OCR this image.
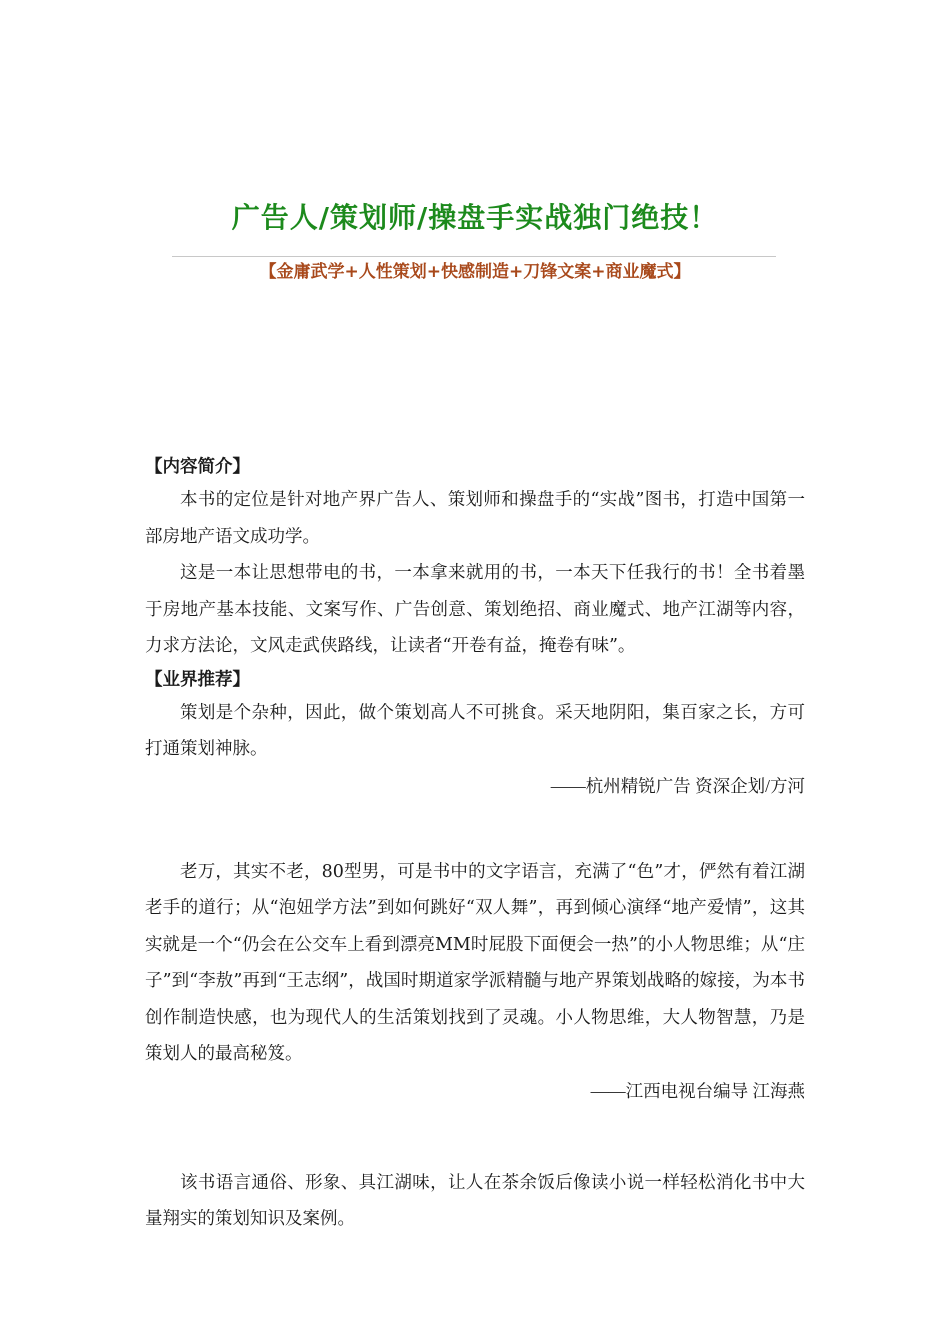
广告人/策划师/操盘手实战独门绝技！
【金庸武学+人性策划+快感制造+刀锋文案+商业魔式】

【内容简介】

本书的定位是针对地产界广告人、策划师和操盘手的“实战”图书，打造中国第一部房地产语文成功学。

这是一本让思想带电的书，一本拿来就用的书，一本天下任我行的书！全书着墨于房地产基本技能、文案写作、广告创意、策划绝招、商业魔式、地产江湖等内容，力求方法论，文风走武侠路线，让读者“开卷有益，掩卷有味”。

【业界推荐】

策划是个杂种，因此，做个策划高人不可挑食。采天地阴阳，集百家之长，方可打通策划神脉。

——杭州精锐广告 资深企划/方河

老万，其实不老，80型男，可是书中的文字语言，充满了“色”才，俨然有着江湖老手的道行；从“泡妞学方法”到如何跳好“双人舞”，再到倾心演绎“地产爱情”，这其实就是一个“仍会在公交车上看到漂亮MM时屁股下面便会一热”的小人物思维；从“庄子”到“李敖”再到“王志纲”，战国时期道家学派精髓与地产界策划战略的嫁接，为本书创作制造快感，也为现代人的生活策划找到了灵魂。小人物思维，大人物智慧，乃是策划人的最高秘笈。

——江西电视台编导 江海燕

该书语言通俗、形象、具江湖味，让人在茶余饭后像读小说一样轻松消化书中大量翔实的策划知识及案例。
